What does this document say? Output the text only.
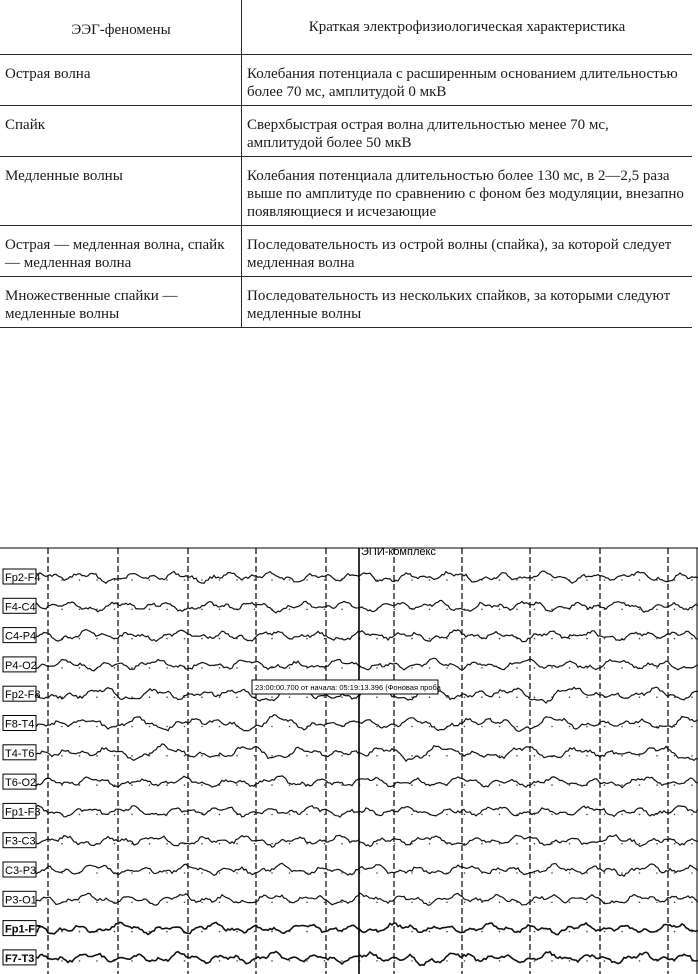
ЭЭГ-феномены	Краткая электрофизиологическая характеристика
Острая волна	Колебания потенциала с расширенным основанием длительностью более 70 мс, амплитудой 0 мкВ
Спайк	Сверхбыстрая острая волна длительностью менее 70 мс, амплитудой более 50 мкВ
Медленные волны	Колебания потенциала длительностью более 130 мс, в 2—2,5 раза выше по амплитуде по сравнению с фоном без модуляции, внезапно появляющиеся и исчезающие
Острая — медленная волна, спайк — медленная волна	Последовательность из острой волны (спайка), за которой следует медленная волна
Множественные спайки — медленные волны	Последовательность из нескольких спайков, за которыми следуют медленные волны
Fp2-F4
F4-C4
C4-P4
P4-O2
Fp2-F8
F8-T4
T4-T6
T6-O2
Fp1-F3
F3-C3
C3-P3
P3-O1
Fp1-F7
F7-T3
ЭПИ-комплекс
23:00:00.700 от начала: 05:19:13.396 (Фоновая проба
